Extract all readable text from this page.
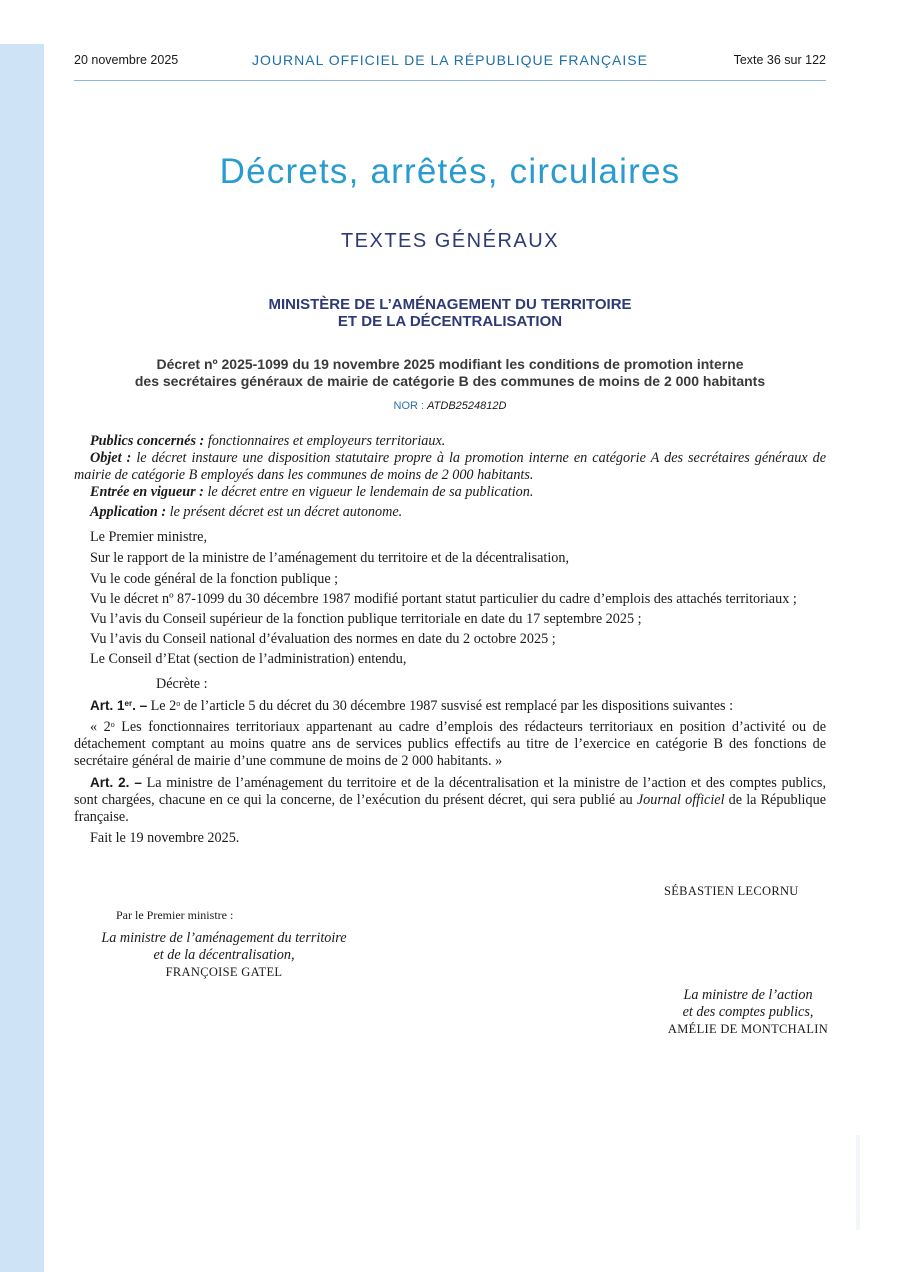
20 novembre 2025	JOURNAL OFFICIEL DE LA RÉPUBLIQUE FRANÇAISE	Texte 36 sur 122
Décrets, arrêtés, circulaires
TEXTES GÉNÉRAUX
MINISTÈRE DE L’AMÉNAGEMENT DU TERRITOIRE
ET DE LA DÉCENTRALISATION
Décret nº 2025-1099 du 19 novembre 2025 modifiant les conditions de promotion interne
des secrétaires généraux de mairie de catégorie B des communes de moins de 2 000 habitants
NOR : ATDB2524812D

Publics concernés : fonctionnaires et employeurs territoriaux.

Objet : le décret instaure une disposition statutaire propre à la promotion interne en catégorie A des secrétaires généraux de mairie de catégorie B employés dans les communes de moins de 2 000 habitants.

Entrée en vigueur : le décret entre en vigueur le lendemain de sa publication.

Application : le présent décret est un décret autonome.

Le Premier ministre,

Sur le rapport de la ministre de l’aménagement du territoire et de la décentralisation,

Vu le code général de la fonction publique ;

Vu le décret nº 87-1099 du 30 décembre 1987 modifié portant statut particulier du cadre d’emplois des attachés territoriaux ;

Vu l’avis du Conseil supérieur de la fonction publique territoriale en date du 17 septembre 2025 ;

Vu l’avis du Conseil national d’évaluation des normes en date du 2 octobre 2025 ;

Le Conseil d’Etat (section de l’administration) entendu,

Décrète :

Art. 1er. – Le 2$^o$ de l’article 5 du décret du 30 décembre 1987 susvisé est remplacé par les dispositions suivantes :

« 2$^o$ Les fonctionnaires territoriaux appartenant au cadre d’emplois des rédacteurs territoriaux en position d’activité ou de détachement comptant au moins quatre ans de services publics effectifs au titre de l’exercice en catégorie B des fonctions de secrétaire général de mairie d’une commune de moins de 2 000 habitants. »

Art. 2. – La ministre de l’aménagement du territoire et de la décentralisation et la ministre de l’action et des comptes publics, sont chargées, chacune en ce qui la concerne, de l’exécution du présent décret, qui sera publié au Journal officiel de la République française.

Fait le 19 novembre 2025.

SÉBASTIEN LECORNU
Par le Premier ministre :
La ministre de l’aménagement du territoire
et de la décentralisation,
FRANÇOISE GATEL
La ministre de l’action
et des comptes publics,
AMÉLIE DE MONTCHALIN
